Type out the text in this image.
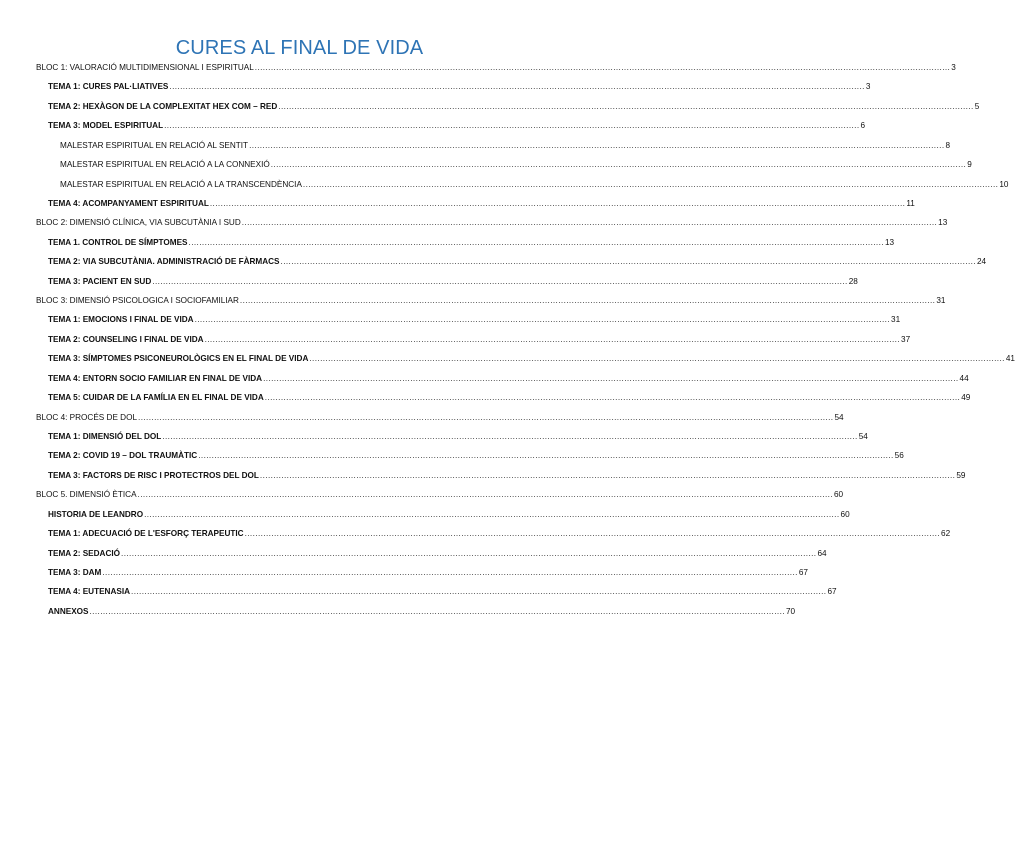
CURES AL FINAL DE VIDA
BLOC 1: VALORACIÓ MULTIDIMENSIONAL I ESPIRITUAL .................................................................................................................................................................................................................................................................... 3
TEMA 1: CURES PAL·LIATIVES .................................................................................................................................................................................................................................................................... 3
TEMA 2: HEXÀGON DE LA COMPLEXITAT HEX COM – RED .................................................................................................................................................................................................................................................................... 5
TEMA 3: MODEL ESPIRITUAL .................................................................................................................................................................................................................................................................... 6
MALESTAR ESPIRITUAL EN RELACIÓ AL SENTIT .................................................................................................................................................................................................................................................................... 8
MALESTAR ESPIRITUAL EN RELACIÓ A LA CONNEXIÓ .................................................................................................................................................................................................................................................................... 9
MALESTAR ESPIRITUAL EN RELACIÓ A LA TRANSCENDÈNCIA .................................................................................................................................................................................................................................................................... 10
TEMA 4: ACOMPANYAMENT ESPIRITUAL .................................................................................................................................................................................................................................................................... 11
BLOC 2: DIMENSIÓ CLÍNICA, VIA SUBCUTÀNIA I SUD .................................................................................................................................................................................................................................................................... 13
TEMA 1. CONTROL DE SÍMPTOMES .................................................................................................................................................................................................................................................................... 13
TEMA 2: VIA SUBCUTÀNIA. ADMINISTRACIÓ DE FÀRMACS .................................................................................................................................................................................................................................................................... 24
TEMA 3: PACIENT EN SUD .................................................................................................................................................................................................................................................................... 28
BLOC 3: DIMENSIÓ PSICOLOGICA I SOCIOFAMILIAR .................................................................................................................................................................................................................................................................... 31
TEMA 1: EMOCIONS I FINAL DE VIDA .................................................................................................................................................................................................................................................................... 31
TEMA 2: COUNSELING I FINAL DE VIDA .................................................................................................................................................................................................................................................................... 37
TEMA 3: SÍMPTOMES PSICONEUROLÒGICS EN EL FINAL DE VIDA .................................................................................................................................................................................................................................................................... 41
TEMA 4: ENTORN SOCIO FAMILIAR EN FINAL DE VIDA .................................................................................................................................................................................................................................................................... 44
TEMA 5: CUIDAR DE LA FAMÍLIA EN EL FINAL DE VIDA .................................................................................................................................................................................................................................................................... 49
BLOC 4: PROCÉS DE DOL .................................................................................................................................................................................................................................................................... 54
TEMA 1: DIMENSIÓ DEL DOL .................................................................................................................................................................................................................................................................... 54
TEMA 2: COVID 19 – DOL TRAUMÀTIC .................................................................................................................................................................................................................................................................... 56
TEMA 3: FACTORS DE RISC I PROTECTROS DEL DOL .................................................................................................................................................................................................................................................................... 59
BLOC 5. DIMENSIÓ ÈTICA .................................................................................................................................................................................................................................................................... 60
HISTORIA DE LEANDRO .................................................................................................................................................................................................................................................................... 60
TEMA 1: ADECUACIÓ DE L'ESFORÇ TERAPEUTIC .................................................................................................................................................................................................................................................................... 62
TEMA 2: SEDACIÓ .................................................................................................................................................................................................................................................................... 64
TEMA 3: DAM .................................................................................................................................................................................................................................................................... 67
TEMA 4: EUTENASIA .................................................................................................................................................................................................................................................................... 67
ANNEXOS .................................................................................................................................................................................................................................................................... 70
